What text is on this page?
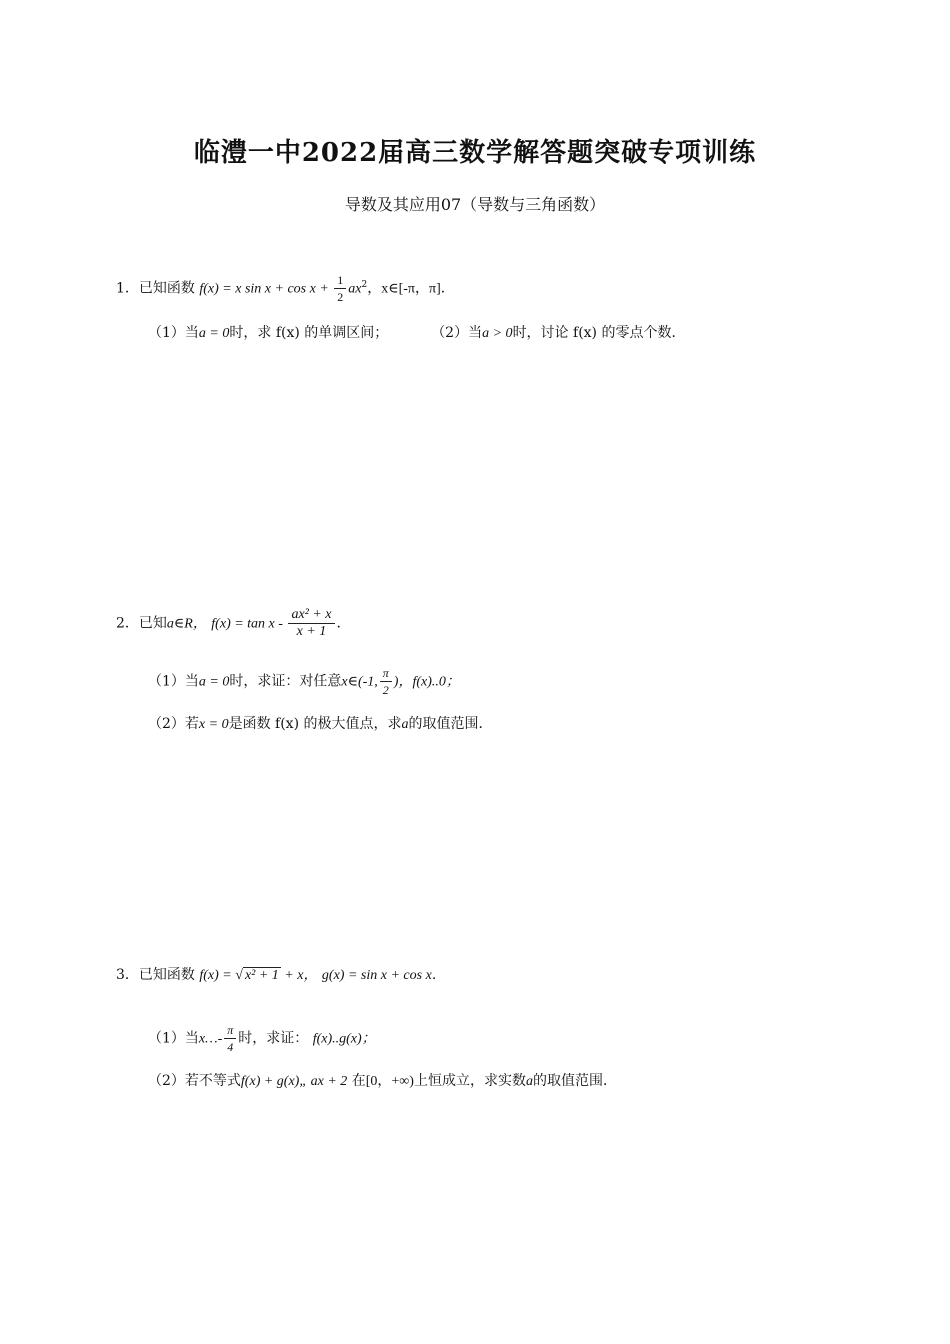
临澧一中2022届高三数学解答题突破专项训练
导数及其应用07（导数与三角函数）
1．已知函数 f(x) = x $\sin x + \cos x + \frac{1}{2} ax^2$，x∈[-π，π]．
（1）当a = 0时，求 f(x) 的单调区间；	（2）当a > 0时，讨论 f(x) 的零点个数．
2．已知a∈R， $f(x) = \tan x - \frac{\text{ax² + x}}{x + 1}$ ．
（1）当a = 0时，求证：对任意x∈(-1, $\frac{\pi}{2}$ )，f(x)..0；
（2）若x = 0是函数 f(x) 的极大值点，求a的取值范围．
3．已知函数 f(x) = √ x² + 1 + x， g(x) = sin x + cos x．
（1）当x…- $\frac{\pi}{4}$ 时，求证： f(x)..g(x)；
（2）若不等式f(x) + g(x)„ ax + 2 在[0，+∞)上恒成立，求实数a的取值范围．
